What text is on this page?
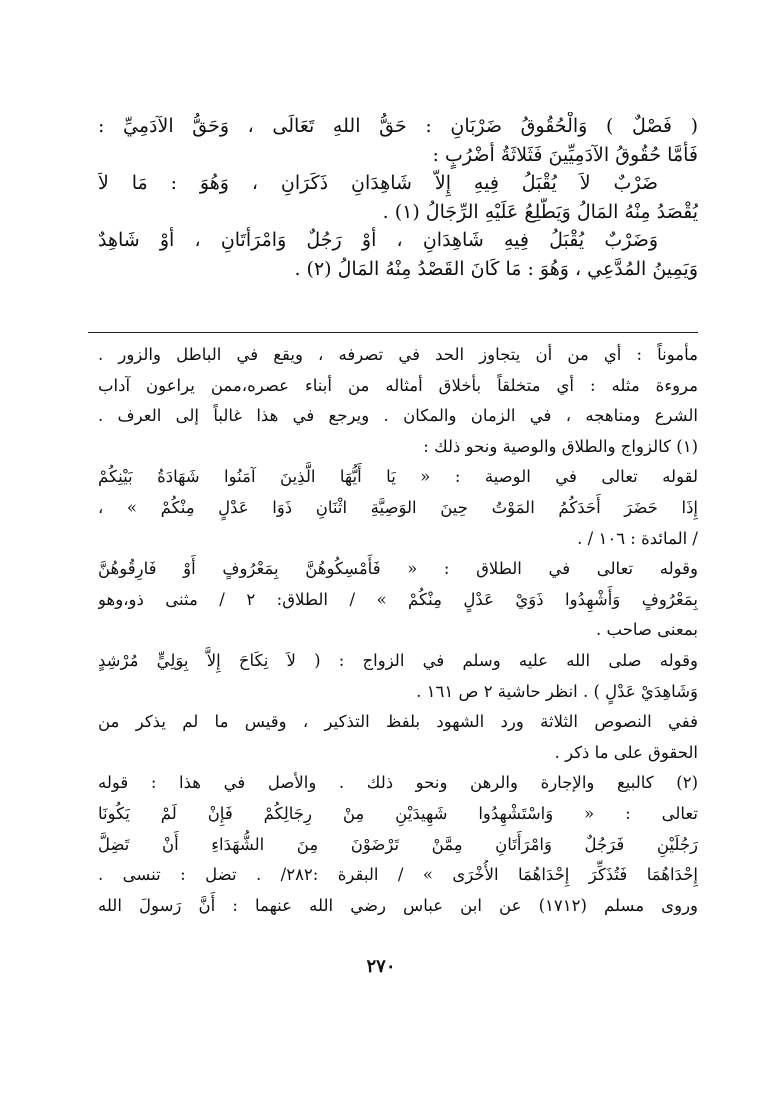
( فَصْلٌ ) وَالْحُقُوقُ ضَرْبَانِ : حَقُّ اللهِ تَعَالَى ، وَحَقُّ الآدَمِيِّ :
فَأَمَّا حُقُوقُ الآدَمِيِّينَ فَثَلاثَةُ أَضْرُبٍ :
ضَرْبٌ لاَ يُقْبَلُ فِيهِ إِلاَّ شَاهِدَانِ ذَكَرَانِ ، وَهُوَ : مَا لاَ
يُقْصَدُ مِنْهُ المَالُ وَيَطَّلِعُ عَلَيْهِ الرِّجَالُ (١) .
وَضَرْبٌ يُقْبَلُ فِيهِ شَاهِدَانِ ، أَوْ رَجُلٌ وَامْرَأَتَانِ ، أَوْ شَاهِدٌ
وَيَمِينُ المُدَّعِي ، وَهُوَ : مَا كَانَ القَصْدُ مِنْهُ المَالُ (٢) .
مأموناً : أي من أن يتجاوز الحد في تصرفه ، ويقع في الباطل والزور .
مروءة مثله : أي متخلقاً بأخلاق أمثاله من أبناء عصره،ممن يراعون آداب
الشرع ومناهجه ، في الزمان والمكان . ويرجع في هذا غالباً إلى العرف .
(١) كالزواج والطلاق والوصية ونحو ذلك :
لقوله تعالى في الوصية : « يَا أَيُّهَا الَّذِينَ آمَنُوا شَهَادَةُ بَيْنِكُمْ
إِذَا حَضَرَ أَحَدَكُمُ المَوْتُ حِينَ الوَصِيَّةِ اثْنَانِ ذَوَا عَدْلٍ مِنْكُمْ » ،
/ المائدة : ١٠٦ / .
وقوله تعالى في الطلاق : « فَأَمْسِكُوهُنَّ بِمَعْرُوفٍ أَوْ فَارِقُوهُنَّ
بِمَعْرُوفٍ وَأَشْهِدُوا ذَوَيْ عَدْلٍ مِنْكُمْ » / الطلاق: ٢ / مثنى ذو،وهو
بمعنى صاحب .
وقوله صلى الله عليه وسلم في الزواج : ( لاَ نِكَاحَ إِلاَّ بِوَلِيٍّ مُرْشِدٍ
وَشَاهِدَيْ عَدْلٍ ) . انظر حاشية ٢ ص ١٦١ .
ففي النصوص الثلاثة ورد الشهود بلفظ التذكير ، وقيس ما لم يذكر من
الحقوق على ما ذكر .
(٢) كالبيع والإجارة والرهن ونحو ذلك . والأصل في هذا : قوله
تعالى : « وَاسْتَشْهِدُوا شَهِيدَيْنِ مِنْ رِجَالِكُمْ فَإِنْ لَمْ يَكُونَا
رَجُلَيْنِ فَرَجُلٌ وَامْرَأَتَانِ مِمَّنْ تَرْضَوْنَ مِنَ الشُّهَدَاءِ أَنْ تَضِلَّ
إِحْدَاهُمَا فَتُذَكِّرَ إِحْدَاهُمَا الأُخْرَى » / البقرة :٢٨٢/ . تضل : تنسى .
وروى مسلم (١٧١٢) عن ابن عباس رضي الله عنهما : أَنَّ رَسولَ الله
٢٧٠
